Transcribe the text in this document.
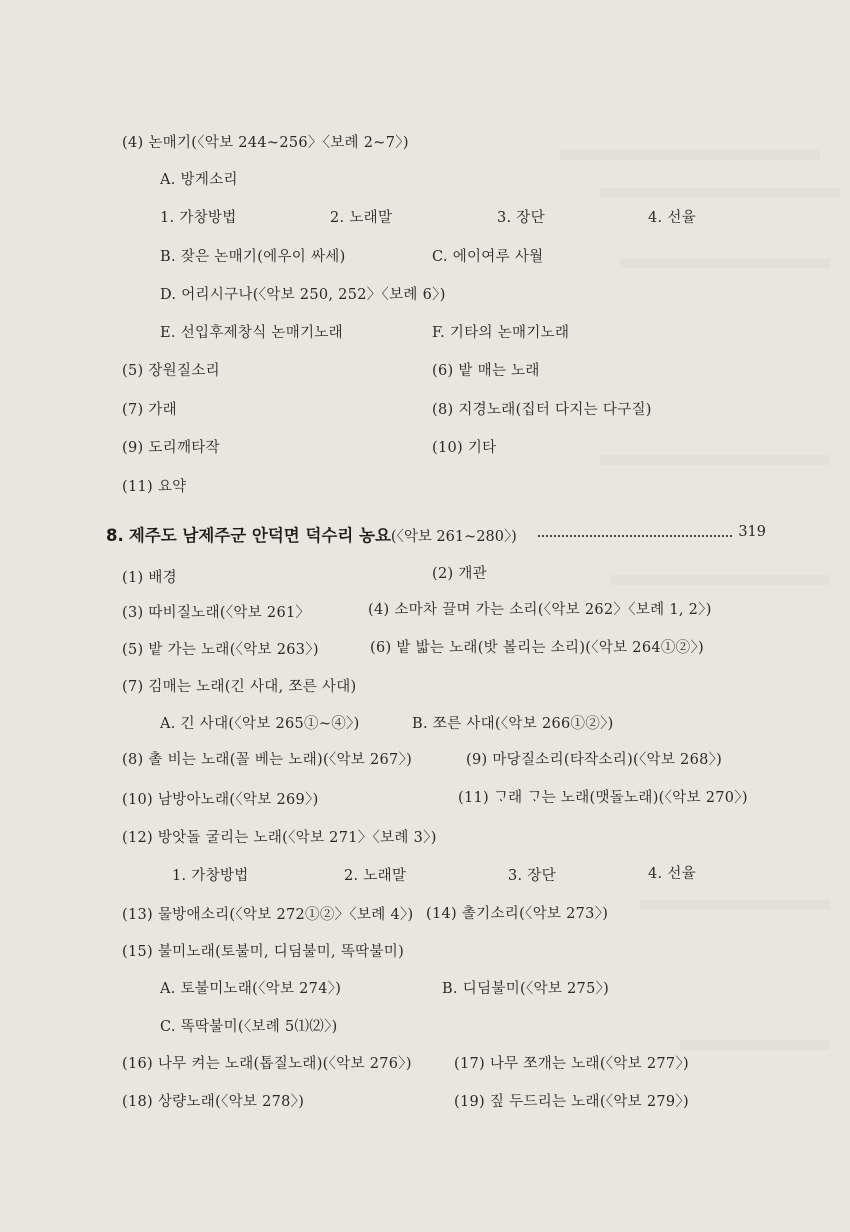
(4) 논매기(〈악보 244~256〉〈보례 2~7〉)
A. 방게소리
1. 가창방법	2. 노래말	3. 장단	4. 선율
B. 잦은 논매기(에우이 싸세)	C. 에이여루 사월
D. 어리시구나(〈악보 250, 252〉〈보례 6〉)
E. 선입후제창식 논매기노래	F. 기타의 논매기노래
(5) 장원질소리	(6) 밭 매는 노래
(7) 가래	(8) 지경노래(집터 다지는 다구질)
(9) 도리깨타작	(10) 기타
(11) 요약
8. 제주도 남제주군 안덕면 덕수리 농요(〈악보 261~280〉)	319
(1) 배경	(2) 개관
(3) 따비질노래(〈악보 261〉	(4) 소마차 끌며 가는 소리(〈악보 262〉〈보례 1, 2〉)
(5) 밭 가는 노래(〈악보 263〉)	(6) 밭 밟는 노래(밧 볼리는 소리)(〈악보 264①②〉)
(7) 김매는 노래(긴 사대, 쪼른 사대)
A. 긴 사대(〈악보 265①~④〉)	B. 쪼른 사대(〈악보 266①②〉)
(8) 촐 비는 노래(꼴 베는 노래)(〈악보 267〉)	(9) 마당질소리(타작소리)(〈악보 268〉)
(10) 남방아노래(〈악보 269〉)	(11) ᄀᆞ래 ᄀᆞ는 노래(맷돌노래)(〈악보 270〉)
(12) 방앗돌 굴리는 노래(〈악보 271〉〈보례 3〉)
1. 가창방법	2. 노래말	3. 장단	4. 선율
(13) 물방애소리(〈악보 272①②〉〈보례 4〉) (14) 촐기소리(〈악보 273〉)
(15) 불미노래(토불미, 디딤불미, 똑딱불미)
A. 토불미노래(〈악보 274〉)	B. 디딤불미(〈악보 275〉)
C. 똑딱불미(〈보례 5⑴⑵〉)
(16) 나무 켜는 노래(톱질노래)(〈악보 276〉)	(17) 나무 쪼개는 노래(〈악보 277〉)
(18) 상량노래(〈악보 278〉)	(19) 짚 두드리는 노래(〈악보 279〉)
